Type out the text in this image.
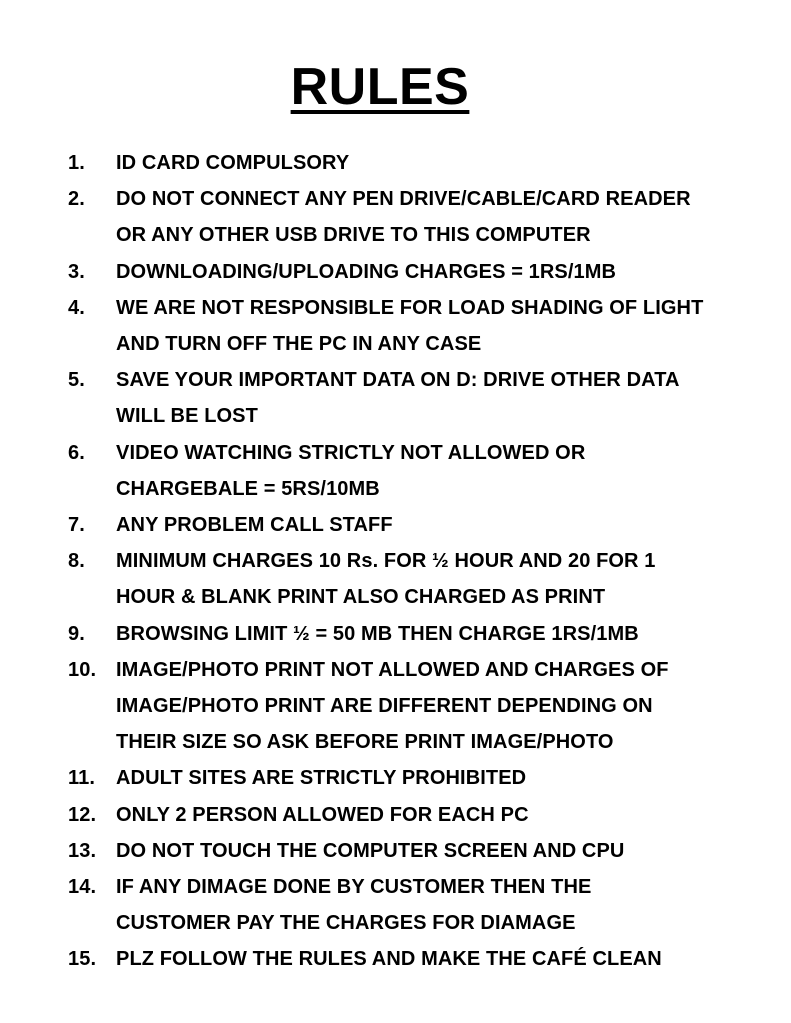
RULES
1.	ID CARD COMPULSORY
2.	DO NOT CONNECT ANY PEN DRIVE/CABLE/CARD READER
OR ANY OTHER USB DRIVE TO THIS COMPUTER
3.	DOWNLOADING/UPLOADING CHARGES = 1RS/1MB
4.	WE ARE NOT RESPONSIBLE FOR LOAD SHADING OF LIGHT
AND TURN OFF THE PC IN ANY CASE
5.	SAVE YOUR IMPORTANT DATA ON D: DRIVE OTHER DATA
WILL BE LOST
6.	VIDEO WATCHING STRICTLY NOT ALLOWED OR
CHARGEBALE = 5RS/10MB
7.	ANY PROBLEM CALL STAFF
8.	MINIMUM CHARGES 10 Rs. FOR ½ HOUR AND 20 FOR 1
HOUR & BLANK PRINT ALSO CHARGED AS PRINT
9.	BROWSING LIMIT ½ = 50 MB THEN CHARGE 1RS/1MB
10. IMAGE/PHOTO PRINT NOT ALLOWED AND CHARGES OF
IMAGE/PHOTO PRINT ARE DIFFERENT DEPENDING ON
THEIR SIZE SO ASK BEFORE PRINT IMAGE/PHOTO
11.	ADULT SITES ARE STRICTLY PROHIBITED
12. ONLY 2 PERSON ALLOWED FOR EACH PC
13. DO NOT TOUCH THE COMPUTER SCREEN AND CPU
14. IF ANY DIMAGE DONE BY CUSTOMER THEN THE
CUSTOMER PAY THE CHARGES FOR DIAMAGE
15. PLZ FOLLOW THE RULES AND MAKE THE CAFÉ CLEAN
